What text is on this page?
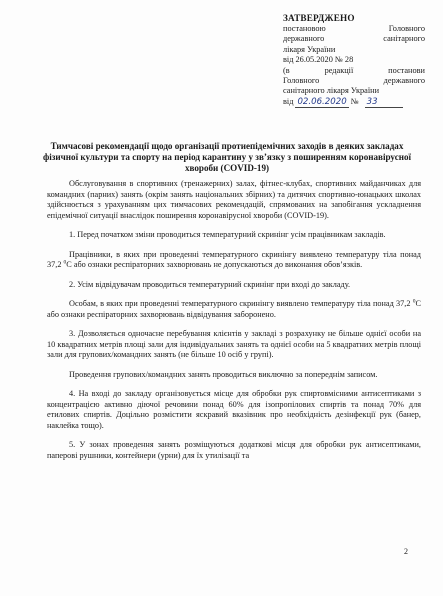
ЗАТВЕРДЖЕНО
постановою Головного
державного санітарного
лікаря України
від 26.05.2020 № 28
(в редакції постанови
Головного державного
санітарного лікаря України
від 02.06.2020 № 33
Тимчасові рекомендації щодо організації протиепідемічних заходів в деяких закладах фізичної культури та спорту на період карантину у зв’язку з поширенням коронавірусної хвороби (COVID-19)

Обслуговування в спортивних (тренажерних) залах, фітнес-клубах, спортивних майданчиках для командних (парних) занять (окрім занять національних збірних) та дитячих спортивно-юнацьких школах здійснюється з урахуванням цих тимчасових рекомендацій, спрямованих на запобігання ускладнення епідемічної ситуації внаслідок поширення коронавірусної хвороби (COVID-19).

1. Перед початком зміни проводиться температурний скринінг усім працівникам закладів.

Працівники, в яких при проведенні температурного скринінгу виявлено температуру тіла понад 37,2 $^0$С або ознаки респіраторних захворювань не допускаються до виконання обов’язків.

2. Усім відвідувачам проводиться температурний скринінг при вході до закладу.

Особам, в яких при проведенні температурного скринінгу виявлено температуру тіла понад 37,2 $^0$С або ознаки респіраторних захворювань відвідування заборонено.

3. Дозволяється одночасне перебування клієнтів у закладі з розрахунку не більше однієї особи на 10 квадратних метрів площі зали для індивідуальних занять та однієї особи на 5 квадратних метрів площі зали для групових/командних занять (не більше 10 осіб у групі).

Проведення групових/командних занять проводиться виключно за попереднім записом.

4. На вході до закладу організовується місце для обробки рук спиртовмісними антисептиками з концентрацією активно діючої речовини понад 60% для ізопропілових спиртів та понад 70% для етилових спиртів. Доцільно розмістити яскравий вказівник про необхідність дезінфекції рук (банер, наклейка тощо).

5. У зонах проведення занять розміщуються додаткові місця для обробки рук антисептиками, паперові рушники, контейнери (урни) для їх утилізації та

2
